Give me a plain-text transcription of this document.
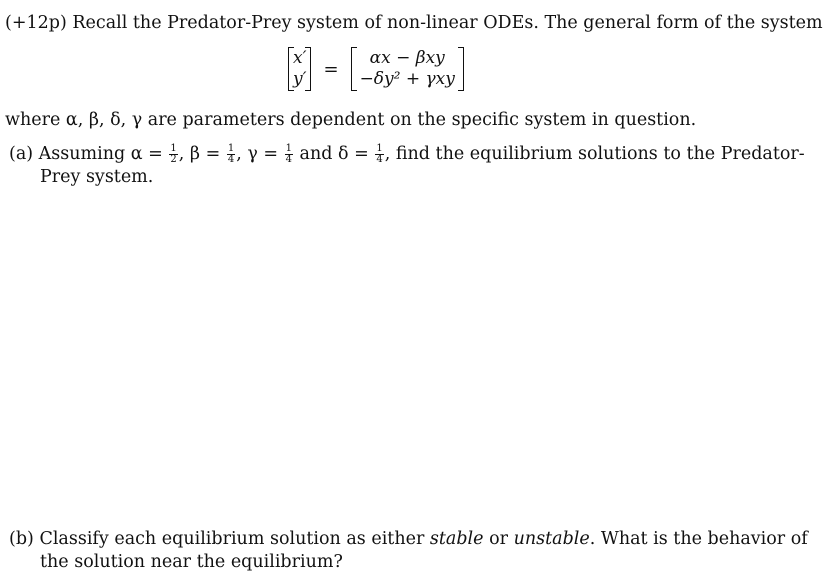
(+12p) Recall the Predator-Prey system of non-linear ODEs. The general form of the system
x′
y′ =
αx − βxy
−δy² + γxy
where α, β, δ, γ are parameters dependent on the specific system in question.
(a) Assuming $\alpha = \frac{1}{2}$ , $\beta = \frac{1}{4}$ , $\gamma = \frac{1}{4}$ and $\delta = \frac{1}{4}$ , find the equilibrium solutions to the Predator-
Prey system.
(b) Classify each equilibrium solution as either stable or unstable. What is the behavior of
the solution near the equilibrium?
